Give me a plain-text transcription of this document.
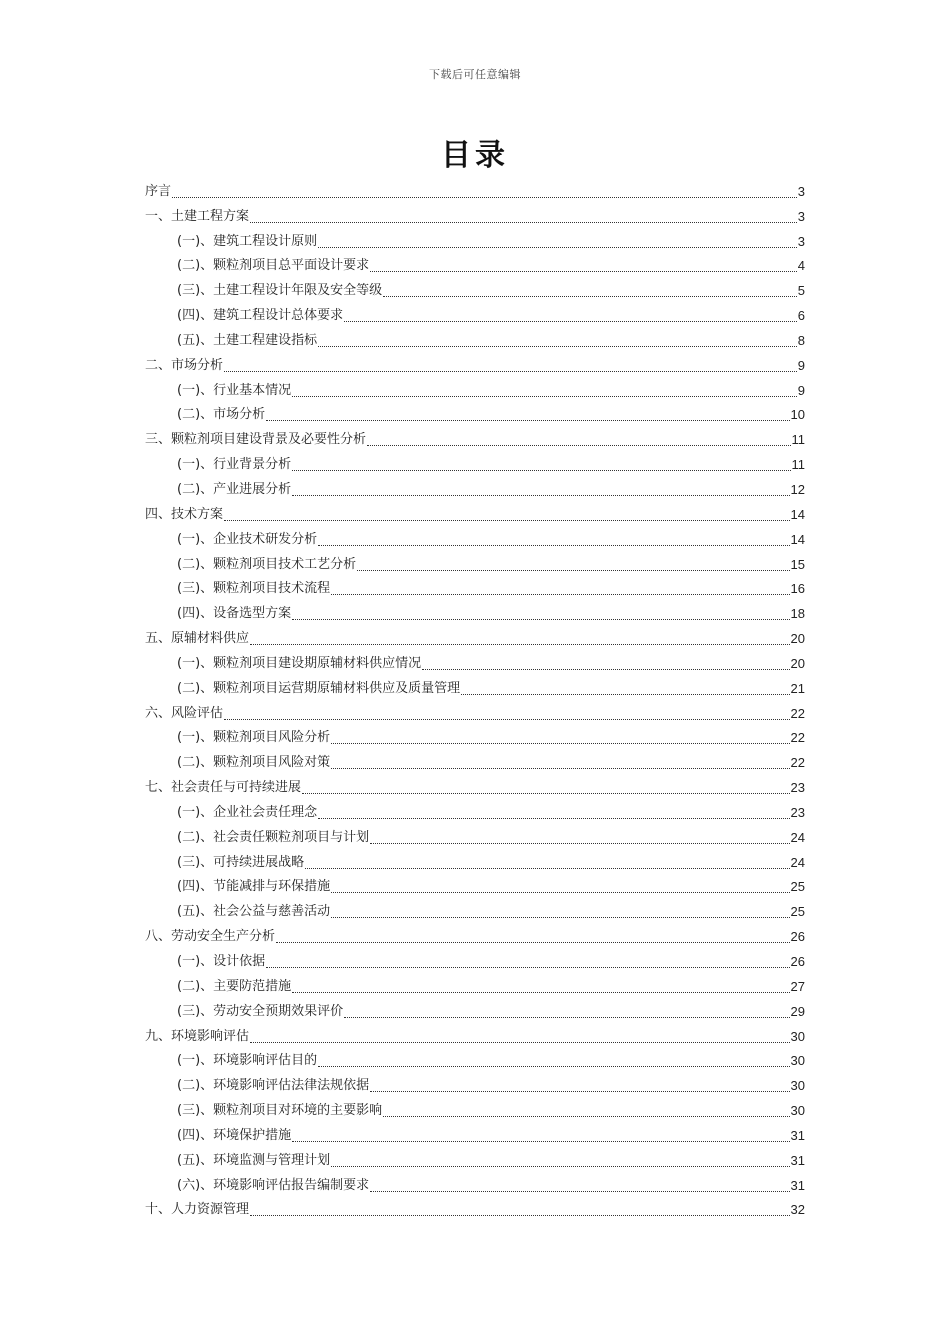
下载后可任意编辑
目录
序言	3
一、土建工程方案	3
(一)、建筑工程设计原则	3
(二)、颗粒剂项目总平面设计要求	4
(三)、土建工程设计年限及安全等级	5
(四)、建筑工程设计总体要求	6
(五)、土建工程建设指标	8
二、市场分析	9
(一)、行业基本情况	9
(二)、市场分析	10
三、颗粒剂项目建设背景及必要性分析	11
(一)、行业背景分析	11
(二)、产业进展分析	12
四、技术方案	14
(一)、企业技术研发分析	14
(二)、颗粒剂项目技术工艺分析	15
(三)、颗粒剂项目技术流程	16
(四)、设备选型方案	18
五、原辅材料供应	20
(一)、颗粒剂项目建设期原辅材料供应情况	20
(二)、颗粒剂项目运营期原辅材料供应及质量管理	21
六、风险评估	22
(一)、颗粒剂项目风险分析	22
(二)、颗粒剂项目风险对策	22
七、社会责任与可持续进展	23
(一)、企业社会责任理念	23
(二)、社会责任颗粒剂项目与计划	24
(三)、可持续进展战略	24
(四)、节能减排与环保措施	25
(五)、社会公益与慈善活动	25
八、劳动安全生产分析	26
(一)、设计依据	26
(二)、主要防范措施	27
(三)、劳动安全预期效果评价	29
九、环境影响评估	30
(一)、环境影响评估目的	30
(二)、环境影响评估法律法规依据	30
(三)、颗粒剂项目对环境的主要影响	30
(四)、环境保护措施	31
(五)、环境监测与管理计划	31
(六)、环境影响评估报告编制要求	31
十、人力资源管理	32
